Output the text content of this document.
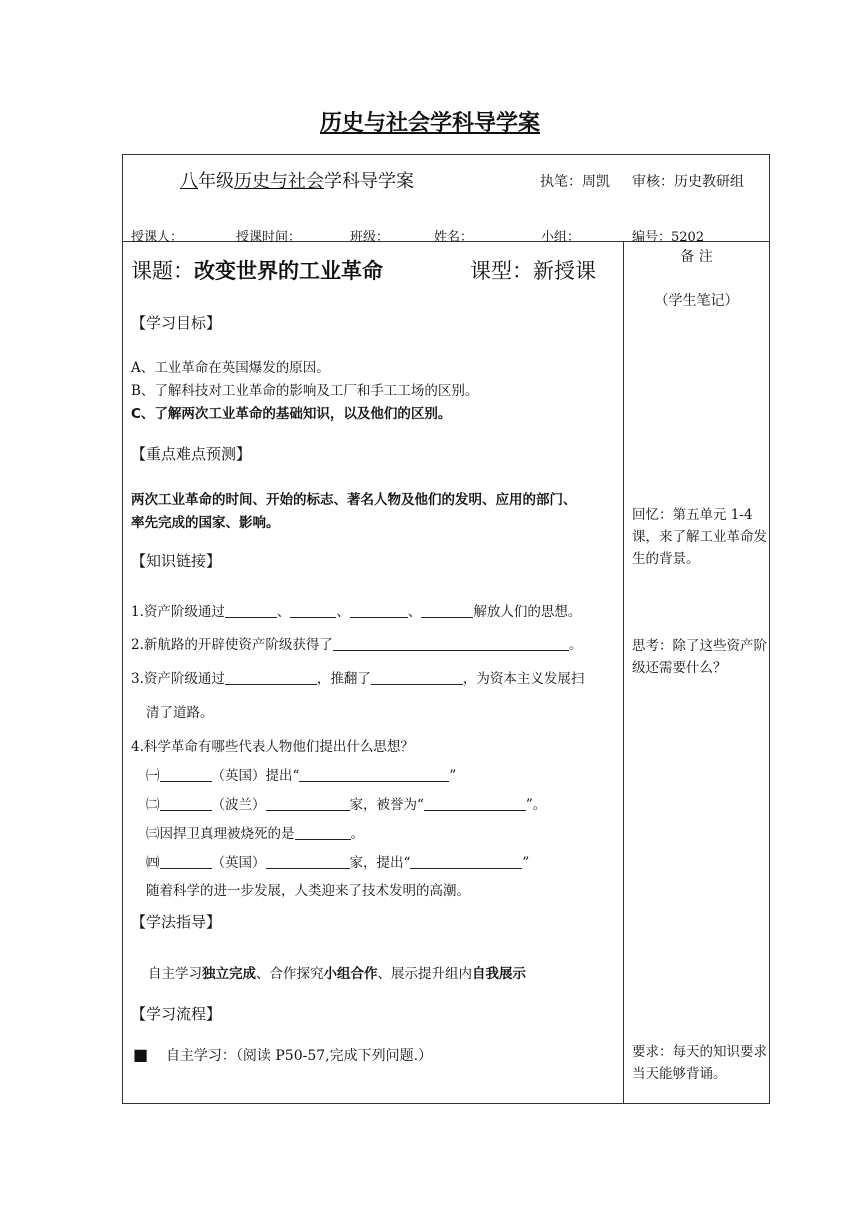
历史与社会学科导学案
八年级历史与社会学科导学案	执笔：周凯 审核：历史教研组
授课人：	授课时间：	班级：	姓名：	小组：	编号：5202
课题：改变世界的工业革命	课型：新授课
备 注
（学生笔记）
【学习目标】
A、工业革命在英国爆发的原因。
B、了解科技对工业革命的影响及工厂和手工工场的区别。
C、了解两次工业革命的基础知识，以及他们的区别。
【重点难点预测】
两次工业革命的时间、开始的标志、著名人物及他们的发明、应用的部门、
率先完成的国家、影响。
【知识链接】
1.资产阶级通过	、	、	、	解放人们的思想。
2.新航路的开辟使资产阶级获得了	。
3.资产阶级通过	，推翻了	，为资本主义发展扫
清了道路。
4.科学革命有哪些代表人物他们提出什么思想？
㈠	（英国）提出“	”
㈡	（波兰）	家，被誉为“	”。
㈢因捍卫真理被烧死的是	。
㈣	（英国）	家，提出“	”
随着科学的进一步发展，人类迎来了技术发明的高潮。
【学法指导】
自主学习独立完成、合作探究小组合作、展示提升组内自我展示
【学习流程】
■ 自主学习：（阅读 P50-57,完成下列问题.）
回忆：第五单元 1-4课，来了解工业革命发生的背景。
思考：除了这些资产阶级还需要什么？
要求：每天的知识要求当天能够背诵。
